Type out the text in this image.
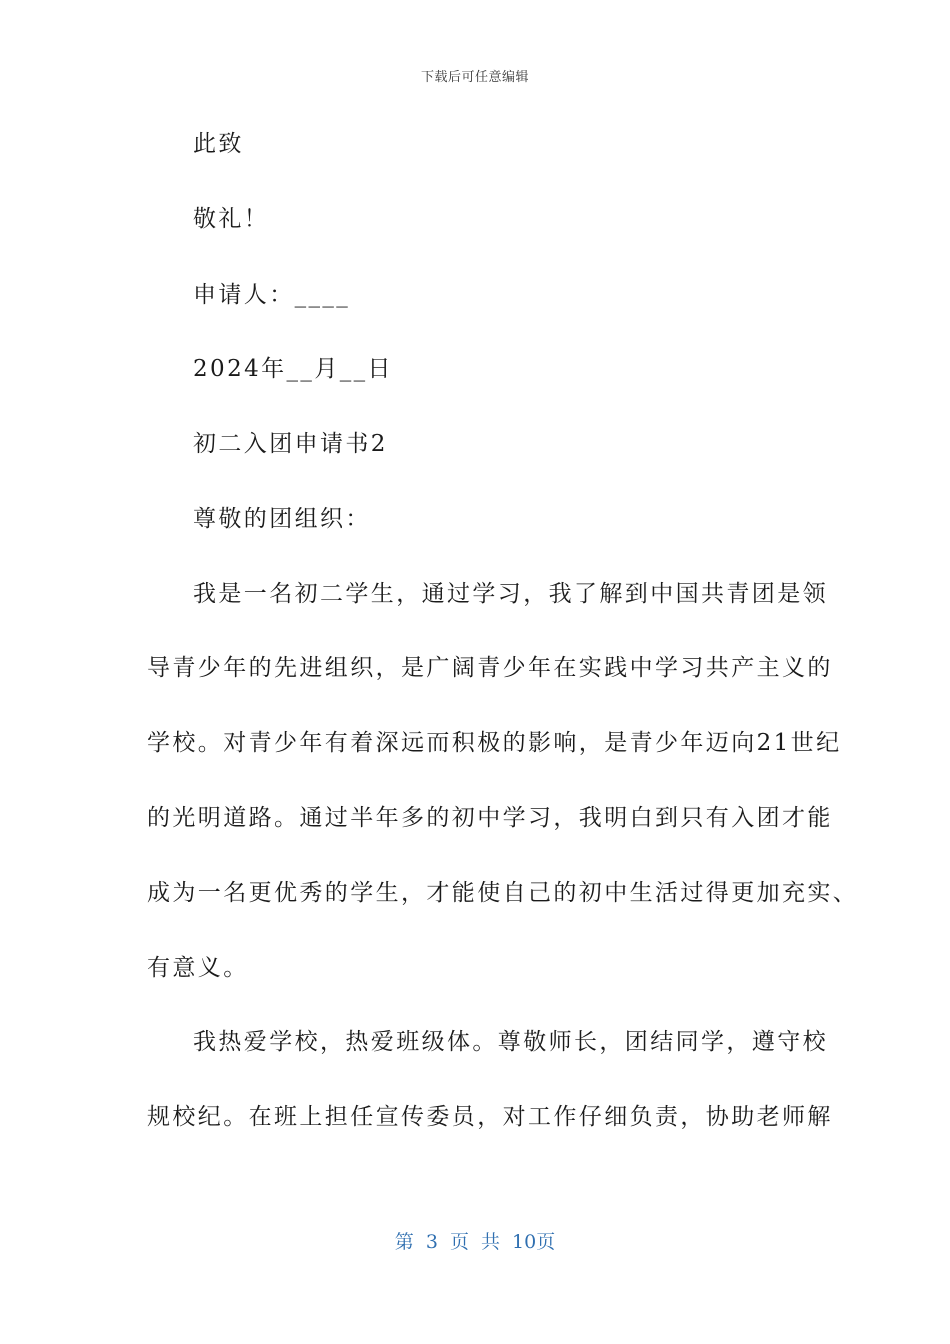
下载后可任意编辑
此致
敬礼！
申请人：____
2024年__月__日
初二入团申请书2
尊敬的团组织：
我是一名初二学生，通过学习，我了解到中国共青团是领
导青少年的先进组织，是广阔青少年在实践中学习共产主义的
学校。对青少年有着深远而积极的影响，是青少年迈向21世纪
的光明道路。通过半年多的初中学习，我明白到只有入团才能
成为一名更优秀的学生，才能使自己的初中生活过得更加充实、
有意义。
我热爱学校，热爱班级体。尊敬师长，团结同学，遵守校
规校纪。在班上担任宣传委员，对工作仔细负责，协助老师解
第 3 页 共 10页
